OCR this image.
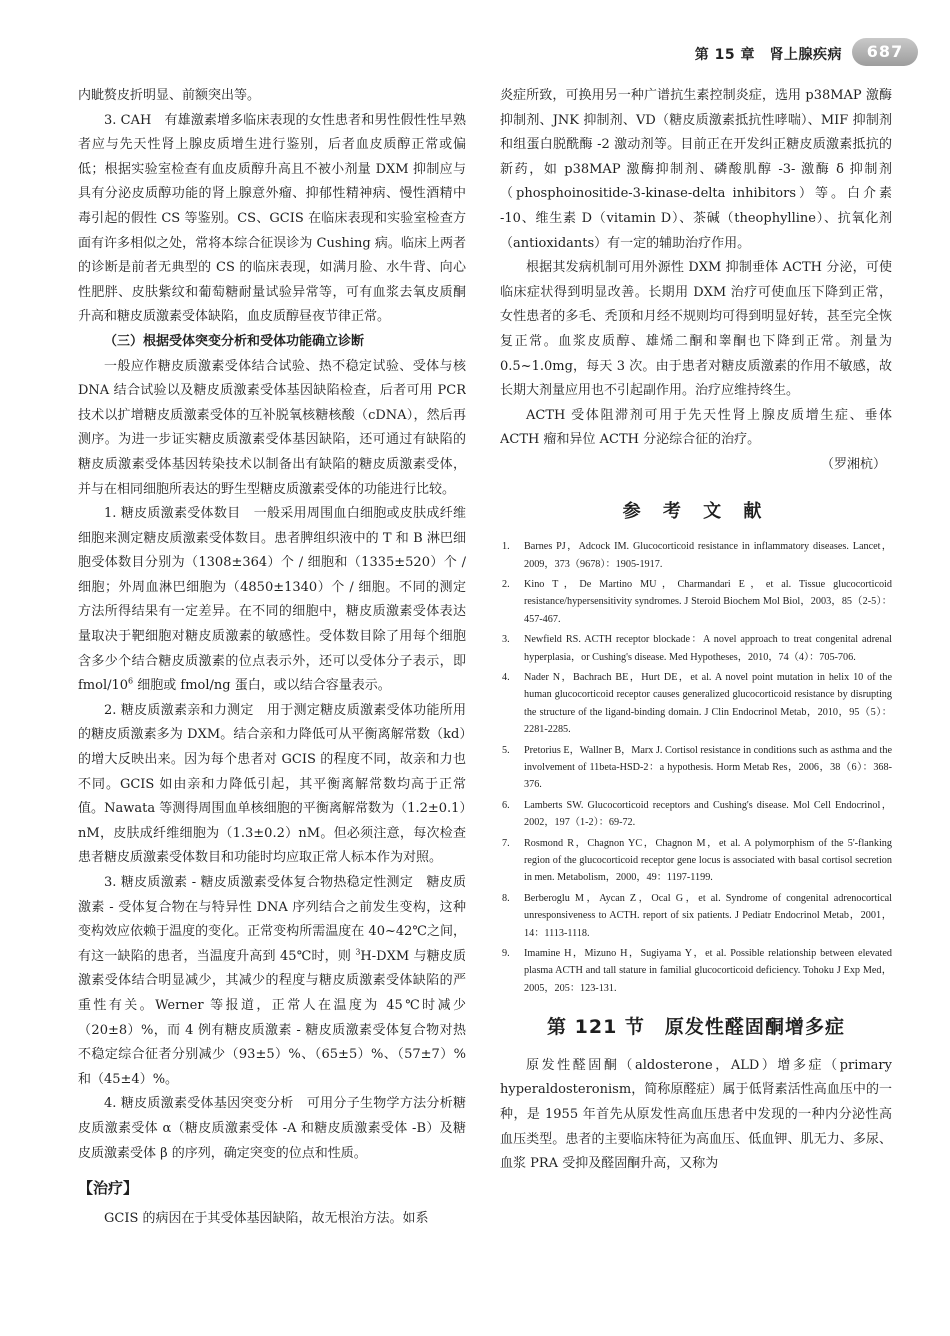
第 15 章　肾上腺疾病	687

内眦赘皮折明显、前额突出等。

3. CAH　有雄激素增多临床表现的女性患者和男性假性性早熟者应与先天性肾上腺皮质增生进行鉴别，后者血皮质醇正常或偏低；根据实验室检查有血皮质醇升高且不被小剂量 DXM 抑制应与具有分泌皮质醇功能的肾上腺意外瘤、抑郁性精神病、慢性酒精中毒引起的假性 CS 等鉴别。CS、GCIS 在临床表现和实验室检查方面有许多相似之处，常将本综合征误诊为 Cushing 病。临床上两者的诊断是前者无典型的 CS 的临床表现，如满月脸、水牛背、向心性肥胖、皮肤紫纹和葡萄糖耐量试验异常等，可有血浆去氧皮质酮升高和糖皮质激素受体缺陷，血皮质醇昼夜节律正常。

（三）根据受体突变分析和受体功能确立诊断

一般应作糖皮质激素受体结合试验、热不稳定试验、受体与核 DNA 结合试验以及糖皮质激素受体基因缺陷检查，后者可用 PCR 技术以扩增糖皮质激素受体的互补脱氧核糖核酸（cDNA），然后再测序。为进一步证实糖皮质激素受体基因缺陷，还可通过有缺陷的糖皮质激素受体基因转染技术以制备出有缺陷的糖皮质激素受体，并与在相同细胞所表达的野生型糖皮质激素受体的功能进行比较。

1. 糖皮质激素受体数目　一般采用周围血白细胞或皮肤成纤维细胞来测定糖皮质激素受体数目。患者脾组织液中的 T 和 B 淋巴细胞受体数目分别为（1308±364）个 / 细胞和（1335±520）个 / 细胞；外周血淋巴细胞为（4850±1340）个 / 细胞。不同的测定方法所得结果有一定差异。在不同的细胞中，糖皮质激素受体表达量取决于靶细胞对糖皮质激素的敏感性。受体数目除了用每个细胞含多少个结合糖皮质激素的位点表示外，还可以受体分子表示，即 fmol/$10^6$ 细胞或 fmol/ng 蛋白，或以结合容量表示。

2. 糖皮质激素亲和力测定　用于测定糖皮质激素受体功能所用的糖皮质激素多为 DXM。结合亲和力降低可从平衡离解常数（kd）的增大反映出来。因为每个患者对 GCIS 的程度不同，故亲和力也不同。GCIS 如由亲和力降低引起，其平衡离解常数均高于正常值。Nawata 等测得周围血单核细胞的平衡离解常数为（1.2±0.1）nM，皮肤成纤维细胞为（1.3±0.2）nM。但必须注意，每次检查患者糖皮质激素受体数目和功能时均应取正常人标本作为对照。

3. 糖皮质激素 - 糖皮质激素受体复合物热稳定性测定　糖皮质激素 - 受体复合物在与特异性 DNA 序列结合之前发生变构，这种变构效应依赖于温度的变化。正常变构所需温度在 40~42℃之间，有这一缺陷的患者，当温度升高到 45℃时，则 $^3$H-DXM 与糖皮质激素受体结合明显减少，其减少的程度与糖皮质激素受体缺陷的严重性有关。Werner 等报道，正常人在温度为 45℃时减少（20±8）%，而 4 例有糖皮质激素 - 糖皮质激素受体复合物对热不稳定综合征者分别减少（93±5）%、（65±5）%、（57±7）% 和（45±4）%。

4. 糖皮质激素受体基因突变分析　可用分子生物学方法分析糖皮质激素受体 α（糖皮质激素受体 -A 和糖皮质激素受体 -B）及糖皮质激素受体 β 的序列，确定突变的位点和性质。

【治疗】

GCIS 的病因在于其受体基因缺陷，故无根治方法。如系

炎症所致，可换用另一种广谱抗生素控制炎症，选用 p38MAP 激酶抑制剂、JNK 抑制剂、VD（糖皮质激素抵抗性哮喘）、MIF 抑制剂和组蛋白脱酰酶 -2 激动剂等。目前正在开发纠正糖皮质激素抵抗的新药，如 p38MAP 激酶抑制剂、磷酸肌醇 -3- 激酶 δ 抑制剂（phosphoinositide-3-kinase-delta inhibitors）等。白介素 -10、维生素 D（vitamin D）、茶碱（theophylline）、抗氧化剂（antioxidants）有一定的辅助治疗作用。

根据其发病机制可用外源性 DXM 抑制垂体 ACTH 分泌，可使临床症状得到明显改善。长期用 DXM 治疗可使血压下降到正常，女性患者的多毛、秃顶和月经不规则均可得到明显好转，甚至完全恢复正常。血浆皮质醇、雄烯二酮和睾酮也下降到正常。剂量为 0.5~1.0mg，每天 3 次。由于患者对糖皮质激素的作用不敏感，故长期大剂量应用也不引起副作用。治疗应维持终生。

ACTH 受体阻滞剂可用于先天性肾上腺皮质增生症、垂体 ACTH 瘤和异位 ACTH 分泌综合征的治疗。

（罗湘杭）

参 考 文 献
1. Barnes PJ，Adcock IM. Glucocorticoid resistance in inflammatory diseases. Lancet，2009，373（9678）：1905-1917.
2. Kino T，De Martino MU，Charmandari E，et al. Tissue glucocorticoid resistance/hypersensitivity syndromes. J Steroid Biochem Mol Biol，2003，85（2-5）：457-467.
3. Newfield RS. ACTH receptor blockade：A novel approach to treat congenital adrenal hyperplasia，or Cushing's disease. Med Hypotheses，2010，74（4）：705-706.
4. Nader N，Bachrach BE，Hurt DE，et al. A novel point mutation in helix 10 of the human glucocorticoid receptor causes generalized glucocorticoid resistance by disrupting the structure of the ligand-binding domain. J Clin Endocrinol Metab，2010，95（5）：2281-2285.
5. Pretorius E，Wallner B，Marx J. Cortisol resistance in conditions such as asthma and the involvement of 11beta-HSD-2：a hypothesis. Horm Metab Res，2006，38（6）：368-376.
6. Lamberts SW. Glucocorticoid receptors and Cushing's disease. Mol Cell Endocrinol，2002，197（1-2）：69-72.
7. Rosmond R，Chagnon YC，Chagnon M，et al. A polymorphism of the 5'-flanking region of the glucocorticoid receptor gene locus is associated with basal cortisol secretion in men. Metabolism，2000，49：1197-1199.
8. Berberoglu M，Aycan Z，Ocal G，et al. Syndrome of congenital adrenocortical unresponsiveness to ACTH. report of six patients. J Pediatr Endocrinol Metab，2001，14：1113-1118.
9. Imamine H，Mizuno H，Sugiyama Y，et al. Possible relationship between elevated plasma ACTH and tall stature in familial glucocorticoid deficiency. Tohoku J Exp Med，2005，205：123-131.
第 121 节　原发性醛固酮增多症

原发性醛固酮（aldosterone，ALD）增多症（primary hyperaldosteronism，简称原醛症）属于低肾素活性高血压中的一种，是 1955 年首先从原发性高血压患者中发现的一种内分泌性高血压类型。患者的主要临床特征为高血压、低血钾、肌无力、多尿、血浆 PRA 受抑及醛固酮升高，又称为
